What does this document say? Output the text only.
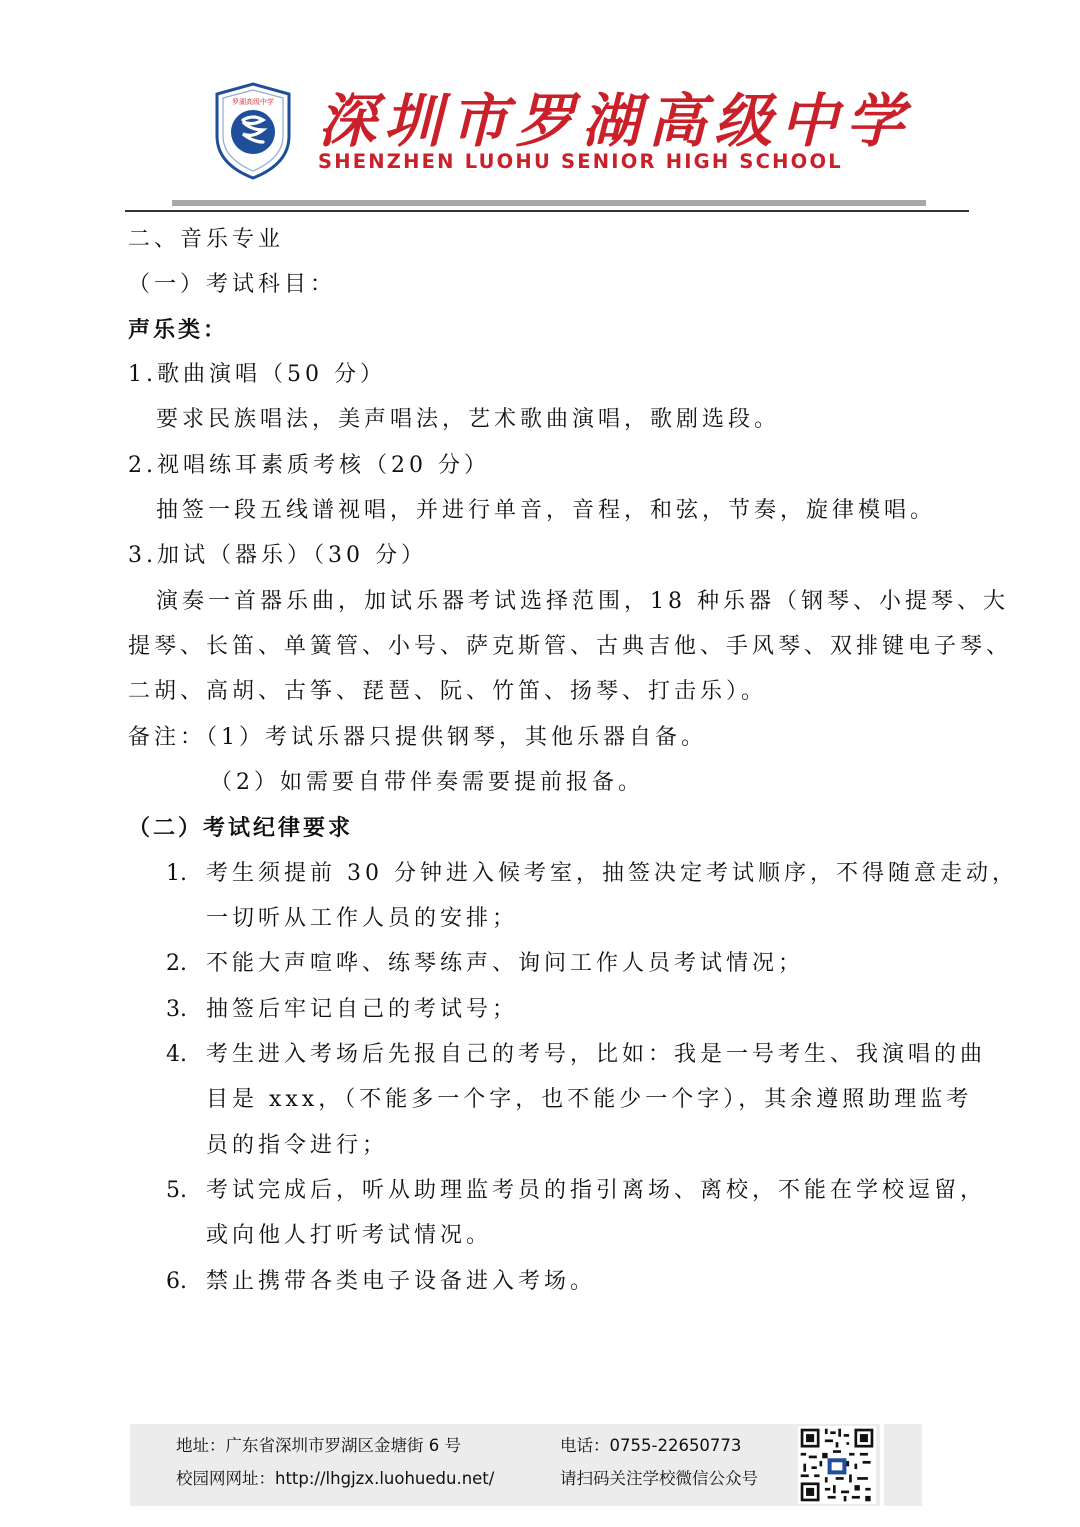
罗湖高级中学 深圳市罗湖高级中学
SHENZHEN LUOHU SENIOR HIGH SCHOOL
二、音乐专业
（一）考试科目：
声乐类：
1.歌曲演唱（50 分）
要求民族唱法，美声唱法，艺术歌曲演唱，歌剧选段。
2.视唱练耳素质考核（20 分）
抽签一段五线谱视唱，并进行单音，音程，和弦，节奏，旋律模唱。
3.加试（器乐）（30 分）
演奏一首器乐曲，加试乐器考试选择范围，18 种乐器（钢琴、小提琴、大
提琴、长笛、单簧管、小号、萨克斯管、古典吉他、手风琴、双排键电子琴、
二胡、高胡、古筝、琵琶、阮、竹笛、扬琴、打击乐）。
备注：（1）考试乐器只提供钢琴，其他乐器自备。
（2）如需要自带伴奏需要提前报备。
（二）考试纪律要求
1. 考生须提前 30 分钟进入候考室，抽签决定考试顺序，不得随意走动，
一切听从工作人员的安排；
2. 不能大声喧哗、练琴练声、询问工作人员考试情况；
3. 抽签后牢记自己的考试号；
4. 考生进入考场后先报自己的考号，比如：我是一号考生、我演唱的曲
目是 xxx，（不能多一个字，也不能少一个字），其余遵照助理监考
员的指令进行；
5. 考试完成后，听从助理监考员的指引离场、离校，不能在学校逗留，
或向他人打听考试情况。
6. 禁止携带各类电子设备进入考场。
地址：广东省深圳市罗湖区金塘街 6 号	电话：0755-22650773
校园网网址：http://lhgjzx.luohuedu.net/	请扫码关注学校微信公众号
